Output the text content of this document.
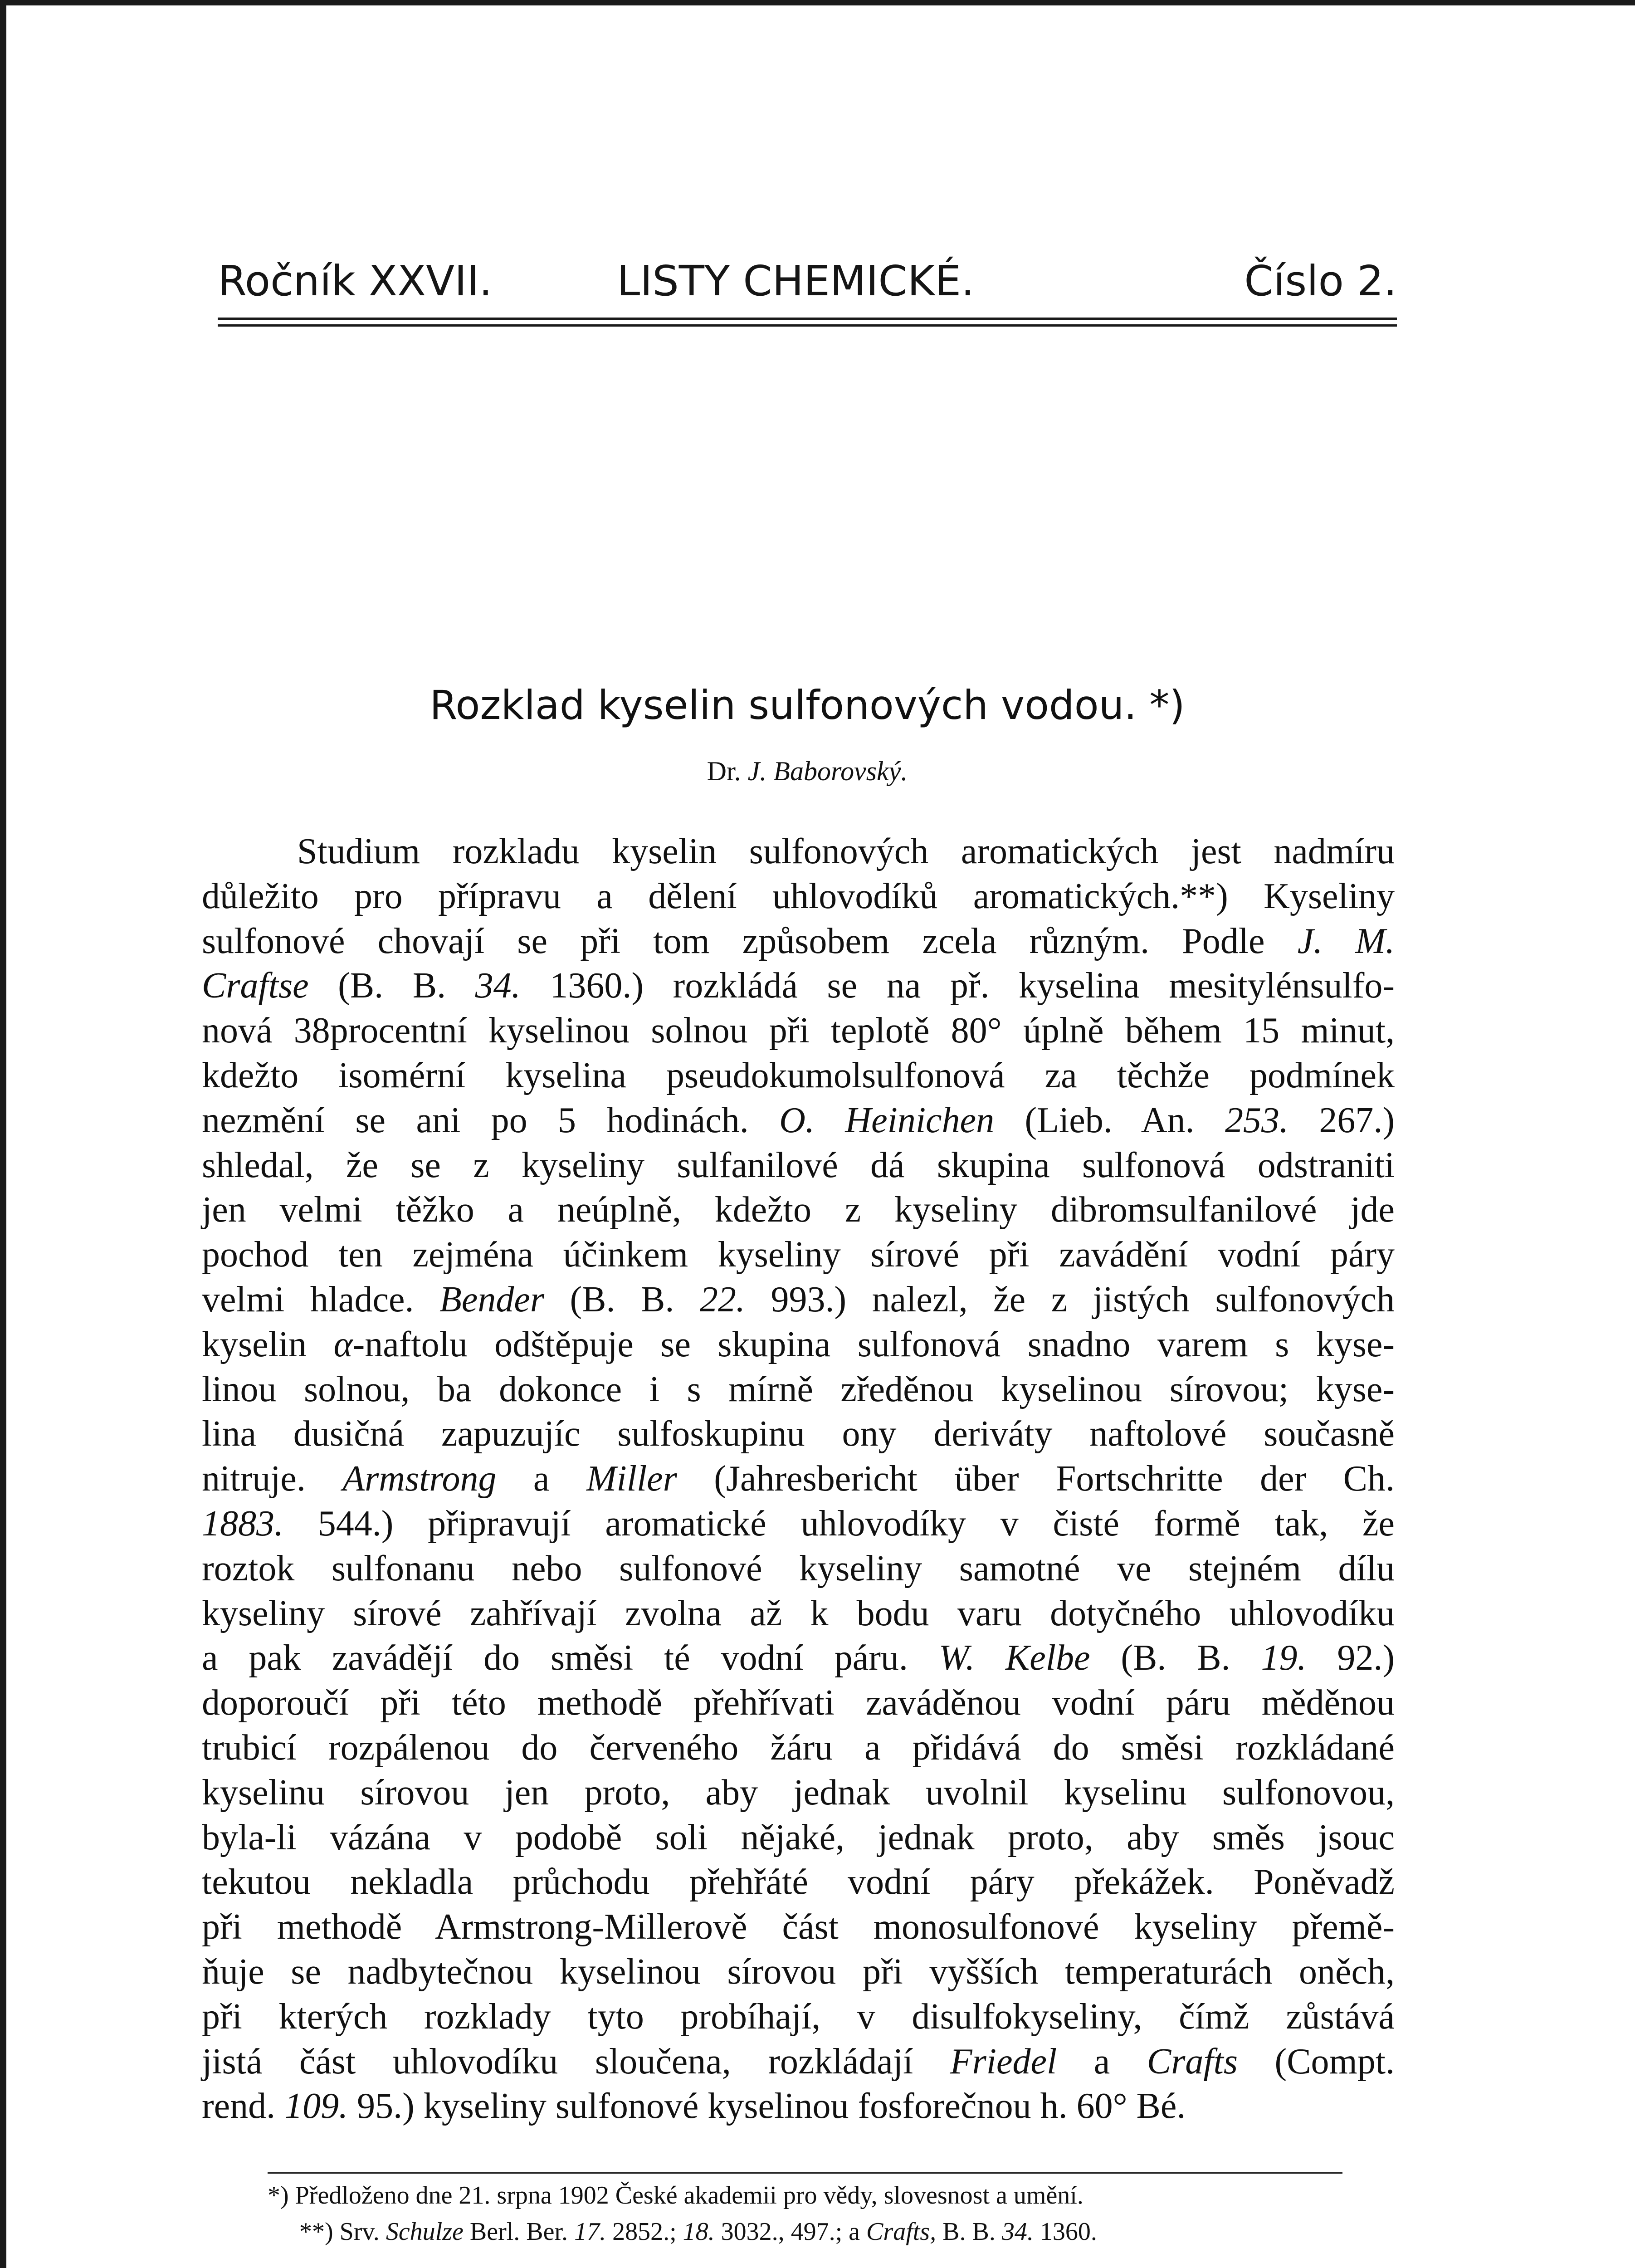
Ročník XXVII.	LISTY CHEMICKÉ.	Číslo 2.
Rozklad kyselin sulfonových vodou. *)
Dr. J. Baborovský.
Studium rozkladu kyselin sulfonových aromatických jest nadmíru
důležito pro přípravu a dělení uhlovodíků aromatických.**) Kyseliny
sulfonové chovají se při tom způsobem zcela různým. Podle J. M.
Craftse (B. B. 34. 1360.) rozkládá se na př. kyselina mesitylénsulfo-
nová 38procentní kyselinou solnou při teplotě 80° úplně během 15 minut,
kdežto isomérní kyselina pseudokumolsulfonová za těchže podmínek
nezmění se ani po 5 hodinách. O. Heinichen (Lieb. An. 253. 267.)
shledal, že se z kyseliny sulfanilové dá skupina sulfonová odstraniti
jen velmi těžko a neúplně, kdežto z kyseliny dibromsulfanilové jde
pochod ten zejména účinkem kyseliny sírové při zavádění vodní páry
velmi hladce. Bender (B. B. 22. 993.) nalezl, že z jistých sulfonových
kyselin α-naftolu odštěpuje se skupina sulfonová snadno varem s kyse-
linou solnou, ba dokonce i s mírně zředěnou kyselinou sírovou; kyse-
lina dusičná zapuzujíc sulfoskupinu ony deriváty naftolové současně
nitruje. Armstrong a Miller (Jahresbericht über Fortschritte der Ch.
1883. 544.) připravují aromatické uhlovodíky v čisté formě tak, že
roztok sulfonanu nebo sulfonové kyseliny samotné ve stejném dílu
kyseliny sírové zahřívají zvolna až k bodu varu dotyčného uhlovodíku
a pak zavádějí do směsi té vodní páru. W. Kelbe (B. B. 19. 92.)
doporoučí při této methodě přehřívati zaváděnou vodní páru měděnou
trubicí rozpálenou do červeného žáru a přidává do směsi rozkládané
kyselinu sírovou jen proto, aby jednak uvolnil kyselinu sulfonovou,
byla-li vázána v podobě soli nějaké, jednak proto, aby směs jsouc
tekutou nekladla průchodu přehřáté vodní páry překážek. Poněvadž
při methodě Armstrong-Millerově část monosulfonové kyseliny přemě-
ňuje se nadbytečnou kyselinou sírovou při vyšších temperaturách oněch,
při kterých rozklady tyto probíhají, v disulfokyseliny, čímž zůstává
jistá část uhlovodíku sloučena, rozkládají Friedel a Crafts (Compt.
rend. 109. 95.) kyseliny sulfonové kyselinou fosforečnou h. 60° Bé.
*) Předloženo dne 21. srpna 1902 České akademii pro vědy, slovesnost a umění.
**) Srv. Schulze Berl. Ber. 17. 2852.; 18. 3032., 497.; a Crafts, B. B. 34. 1360.
